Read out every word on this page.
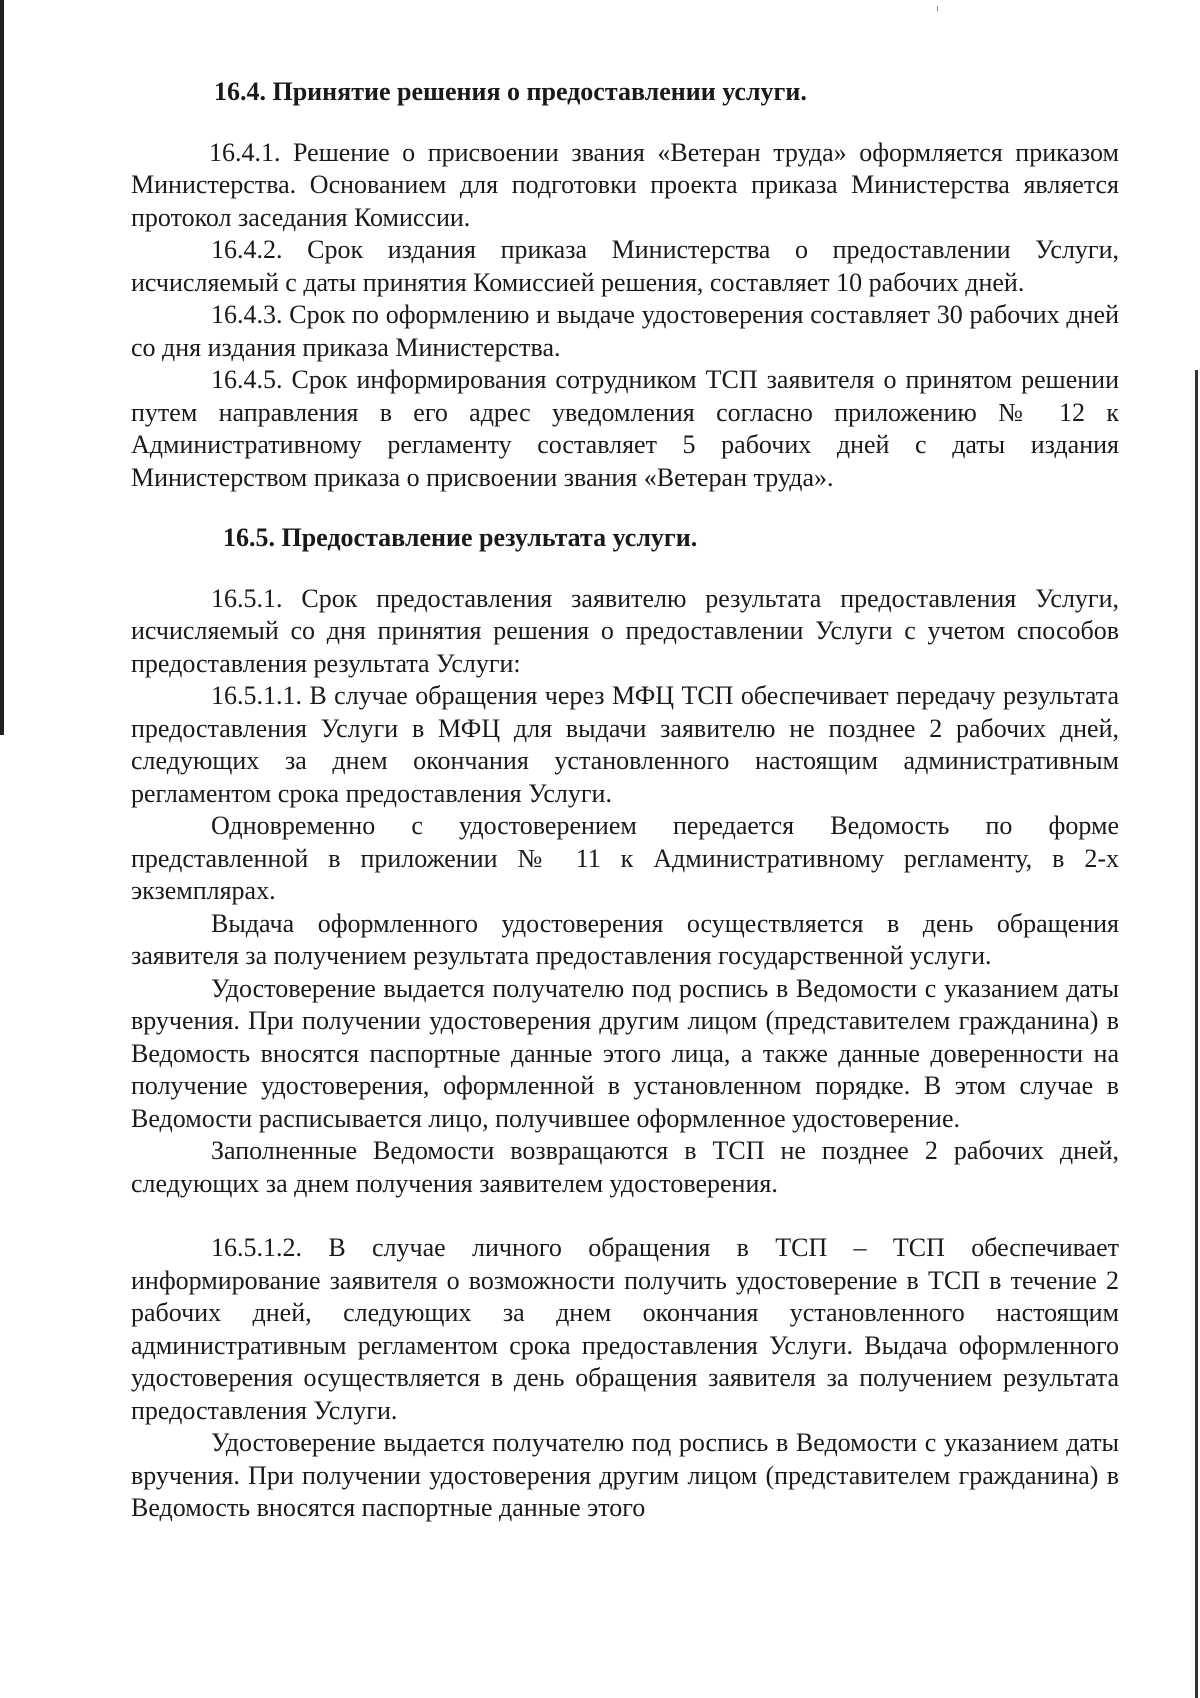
16.4. Принятие решения о предоставлении услуги.

16.4.1. Решение о присвоении звания «Ветеран труда» оформляется приказом Министерства. Основанием для подготовки проекта приказа Министерства является протокол заседания Комиссии.

16.4.2. Срок издания приказа Министерства о предоставлении Услуги, исчисляемый с даты принятия Комиссией решения, составляет 10 рабочих дней.

16.4.3. Срок по оформлению и выдаче удостоверения составляет 30 рабочих дней со дня издания приказа Министерства.

16.4.5. Срок информирования сотрудником ТСП заявителя о принятом решении путем направления в его адрес уведомления согласно приложению № 12 к Административному регламенту составляет 5 рабочих дней с даты издания Министерством приказа о присвоении звания «Ветеран труда».

16.5. Предоставление результата услуги.

16.5.1. Срок предоставления заявителю результата предоставления Услуги, исчисляемый со дня принятия решения о предоставлении Услуги с учетом способов предоставления результата Услуги:

16.5.1.1. В случае обращения через МФЦ ТСП обеспечивает передачу результата предоставления Услуги в МФЦ для выдачи заявителю не позднее 2 рабочих дней, следующих за днем окончания установленного настоящим административным регламентом срока предоставления Услуги.

Одновременно с удостоверением передается Ведомость по форме представленной в приложении № 11 к Административному регламенту, в 2-х экземплярах.

Выдача оформленного удостоверения осуществляется в день обращения заявителя за получением результата предоставления государственной услуги.

Удостоверение выдается получателю под роспись в Ведомости с указанием даты вручения. При получении удостоверения другим лицом (представителем гражданина) в Ведомость вносятся паспортные данные этого лица, а также данные доверенности на получение удостоверения, оформленной в установленном порядке. В этом случае в Ведомости расписывается лицо, получившее оформленное удостоверение.

Заполненные Ведомости возвращаются в ТСП не позднее 2 рабочих дней, следующих за днем получения заявителем удостоверения.

16.5.1.2. В случае личного обращения в ТСП – ТСП обеспечивает информирование заявителя о возможности получить удостоверение в ТСП в течение 2 рабочих дней, следующих за днем окончания установленного настоящим административным регламентом срока предоставления Услуги. Выдача оформленного удостоверения осуществляется в день обращения заявителя за получением результата предоставления Услуги.

Удостоверение выдается получателю под роспись в Ведомости с указанием даты вручения. При получении удостоверения другим лицом (представителем гражданина) в Ведомость вносятся паспортные данные этого
